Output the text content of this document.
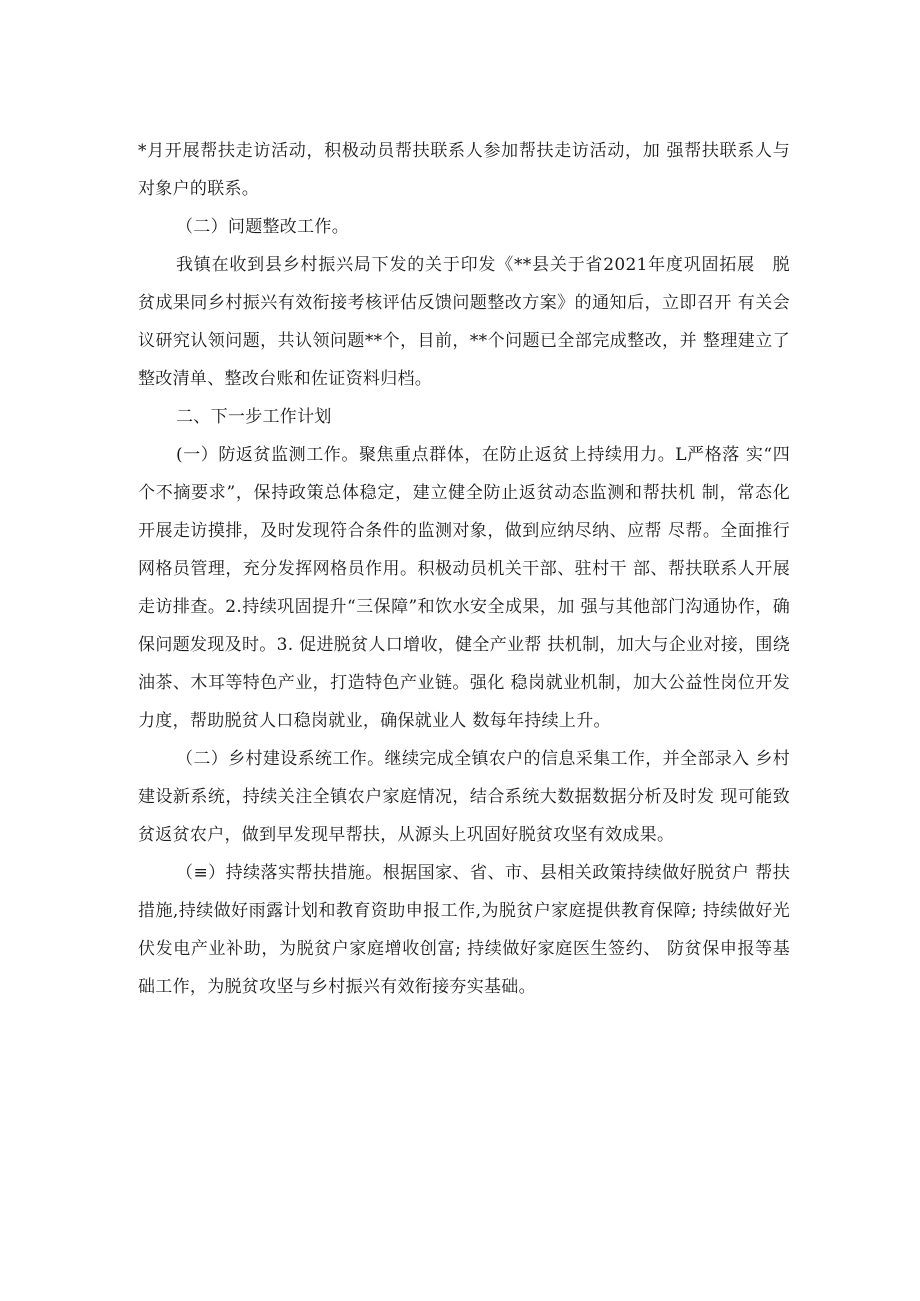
*月开展帮扶走访活动，积极动员帮扶联系人参加帮扶走访活动，加 强帮扶联系人与对象户的联系。

（二）问题整改工作。

我镇在收到县乡村振兴局下发的关于印发《**县关于省2021年度巩固拓展　脱贫成果同乡村振兴有效衔接考核评估反馈问题整改方案》的通知后，立即召开 有关会议研究认领问题，共认领问题**个，目前，**个问题已全部完成整改，并 整理建立了整改清单、整改台账和佐证资料归档。

二、下一步工作计划

(一）防返贫监测工作。聚焦重点群体，在防止返贫上持续用力。L严格落 实“四个不摘要求”，保持政策总体稳定，建立健全防止返贫动态监测和帮扶机 制，常态化开展走访摸排，及时发现符合条件的监测对象，做到应纳尽纳、应帮 尽帮。全面推行网格员管理，充分发挥网格员作用。积极动员机关干部、驻村干 部、帮扶联系人开展走访排查。2.持续巩固提升“三保障”和饮水安全成果，加 强与其他部门沟通协作，确保问题发现及时。3. 促进脱贫人口增收，健全产业帮 扶机制，加大与企业对接，围绕油茶、木耳等特色产业，打造特色产业链。强化 稳岗就业机制，加大公益性岗位开发力度，帮助脱贫人口稳岗就业，确保就业人 数每年持续上升。

（二）乡村建设系统工作。继续完成全镇农户的信息采集工作，并全部录入 乡村建设新系统，持续关注全镇农户家庭情况，结合系统大数据数据分析及时发 现可能致贫返贫农户，做到早发现早帮扶，从源头上巩固好脱贫攻坚有效成果。

（≡）持续落实帮扶措施。根据国家、省、市、县相关政策持续做好脱贫户 帮扶措施,持续做好雨露计划和教育资助申报工作,为脱贫户家庭提供教育保障; 持续做好光伏发电产业补助，为脱贫户家庭增收创富; 持续做好家庭医生签约、 防贫保申报等基础工作，为脱贫攻坚与乡村振兴有效衔接夯实基础。
